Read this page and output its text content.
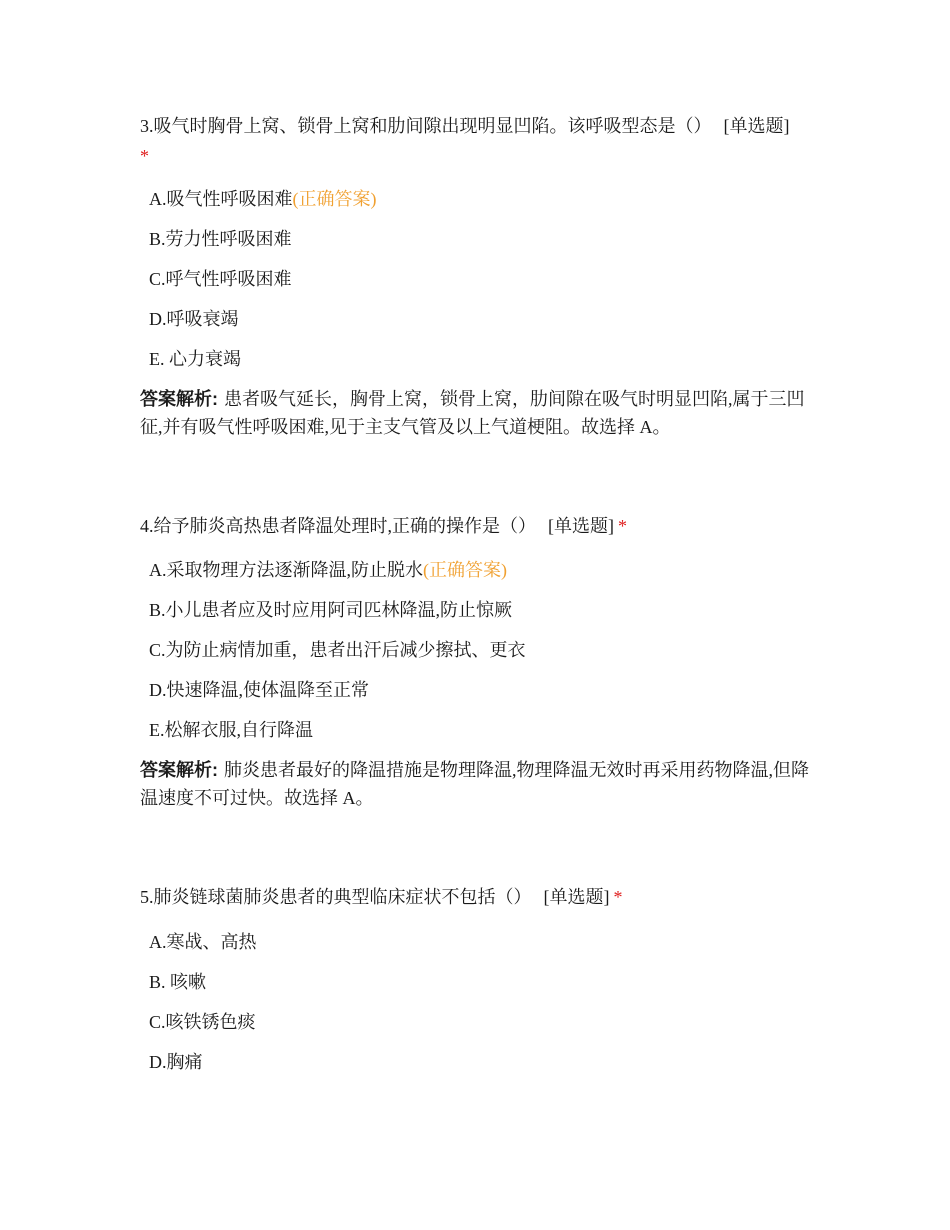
3.吸气时胸骨上窝、锁骨上窝和肋间隙出现明显凹陷。该呼吸型态是（） [单选题]
*

A.吸气性呼吸困难 (正确答案)
B.劳力性呼吸困难
C.呼气性呼吸困难
D.呼吸衰竭
E. 心力衰竭

答案解析: 患者吸气延长，胸骨上窝，锁骨上窝，肋间隙在吸气时明显凹陷,属于三凹征,并有吸气性呼吸困难,见于主支气管及以上气道梗阻。故选择 A。

4.给予肺炎高热患者降温处理时,正确的操作是（） [单选题] *

A.采取物理方法逐渐降温,防止脱水 (正确答案)
B.小儿患者应及时应用阿司匹林降温,防止惊厥
C.为防止病情加重，患者出汗后减少擦拭、更衣
D.快速降温,使体温降至正常
E.松解衣服,自行降温

答案解析: 肺炎患者最好的降温措施是物理降温,物理降温无效时再采用药物降温,但降温速度不可过快。故选择 A。

5.肺炎链球菌肺炎患者的典型临床症状不包括（） [单选题] *

A.寒战、高热
B. 咳嗽
C.咳铁锈色痰
D.胸痛
